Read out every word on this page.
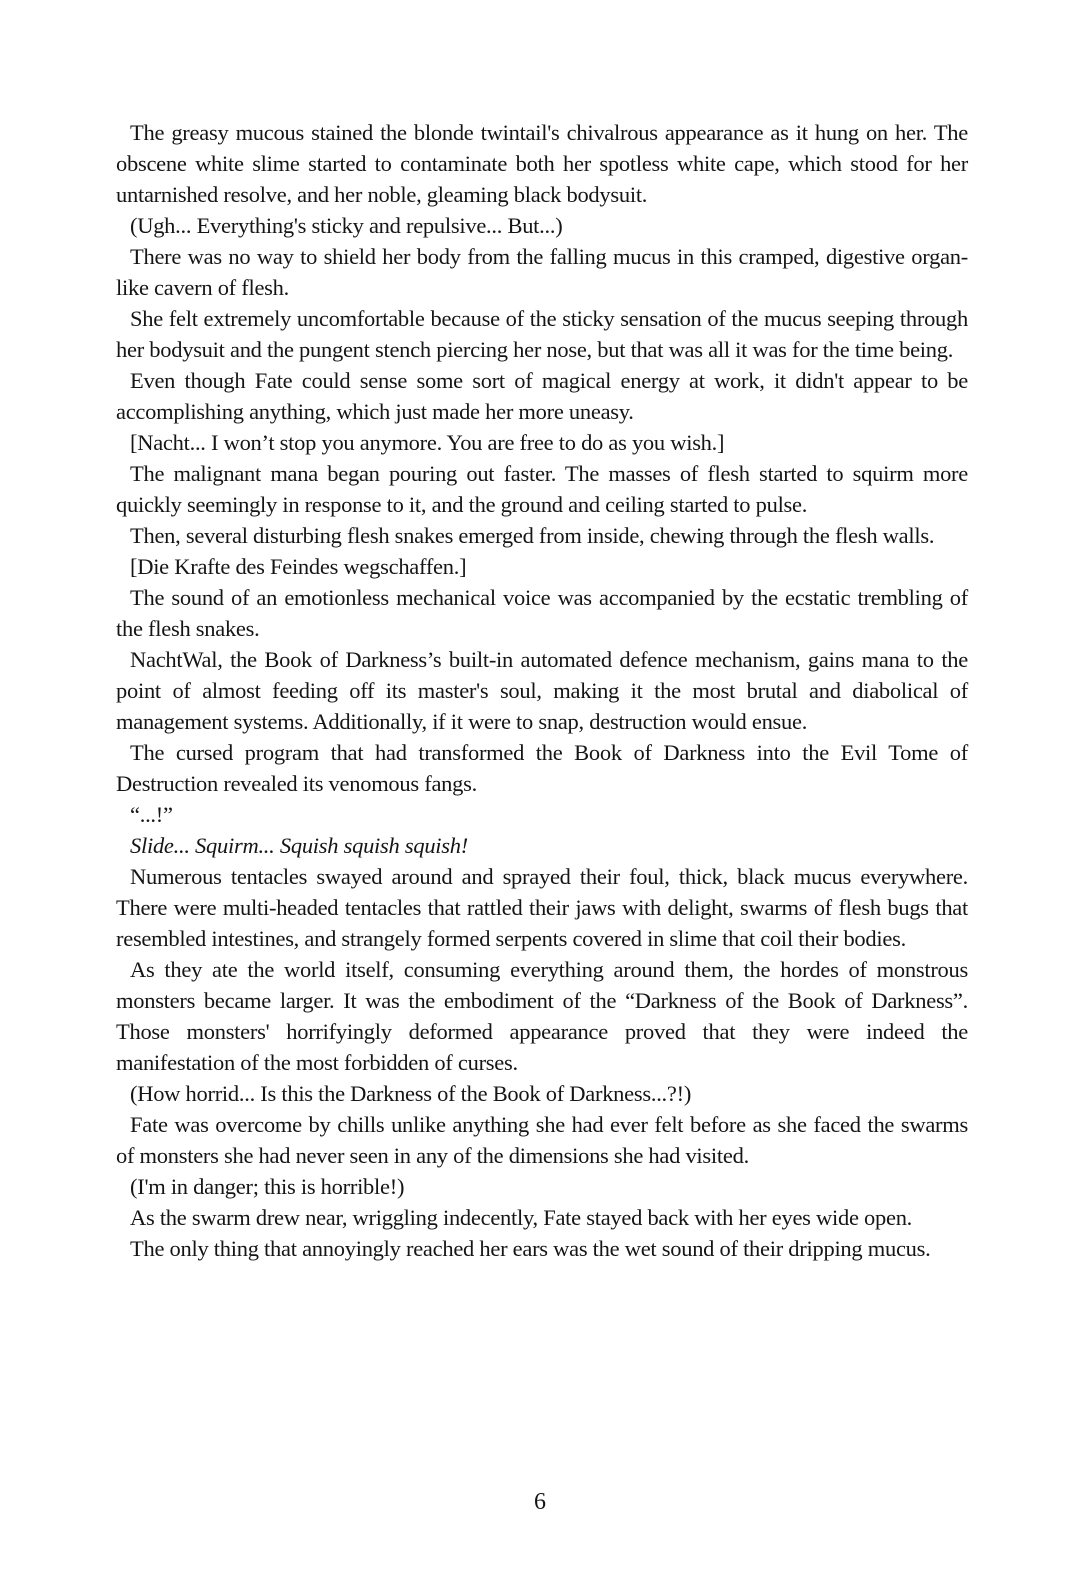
The greasy mucous stained the blonde twintail's chivalrous appearance as it hung on her. The obscene white slime started to contaminate both her spotless white cape, which stood for her untarnished resolve, and her noble, gleaming black bodysuit.

(Ugh... Everything's sticky and repulsive... But...)

There was no way to shield her body from the falling mucus in this cramped, digestive organ-like cavern of flesh.

She felt extremely uncomfortable because of the sticky sensation of the mucus seeping through her bodysuit and the pungent stench piercing her nose, but that was all it was for the time being.

Even though Fate could sense some sort of magical energy at work, it didn't appear to be accomplishing anything, which just made her more uneasy.

[Nacht... I won’t stop you anymore. You are free to do as you wish.]

The malignant mana began pouring out faster. The masses of flesh started to squirm more quickly seemingly in response to it, and the ground and ceiling started to pulse.

Then, several disturbing flesh snakes emerged from inside, chewing through the flesh walls.

[Die Krafte des Feindes wegschaffen.]

The sound of an emotionless mechanical voice was accompanied by the ecstatic trembling of the flesh snakes.

NachtWal, the Book of Darkness’s built-in automated defence mechanism, gains mana to the point of almost feeding off its master's soul, making it the most brutal and diabolical of management systems. Additionally, if it were to snap, destruction would ensue.

The cursed program that had transformed the Book of Darkness into the Evil Tome of Destruction revealed its venomous fangs.

“...!”

Slide... Squirm... Squish squish squish!

Numerous tentacles swayed around and sprayed their foul, thick, black mucus everywhere. There were multi-headed tentacles that rattled their jaws with delight, swarms of flesh bugs that resembled intestines, and strangely formed serpents covered in slime that coil their bodies.

As they ate the world itself, consuming everything around them, the hordes of monstrous monsters became larger. It was the embodiment of the “Darkness of the Book of Darkness”. Those monsters' horrifyingly deformed appearance proved that they were indeed the manifestation of the most forbidden of curses.

(How horrid... Is this the Darkness of the Book of Darkness...?!)

Fate was overcome by chills unlike anything she had ever felt before as she faced the swarms of monsters she had never seen in any of the dimensions she had visited.

(I'm in danger; this is horrible!)

As the swarm drew near, wriggling indecently, Fate stayed back with her eyes wide open.

The only thing that annoyingly reached her ears was the wet sound of their dripping mucus.

6
